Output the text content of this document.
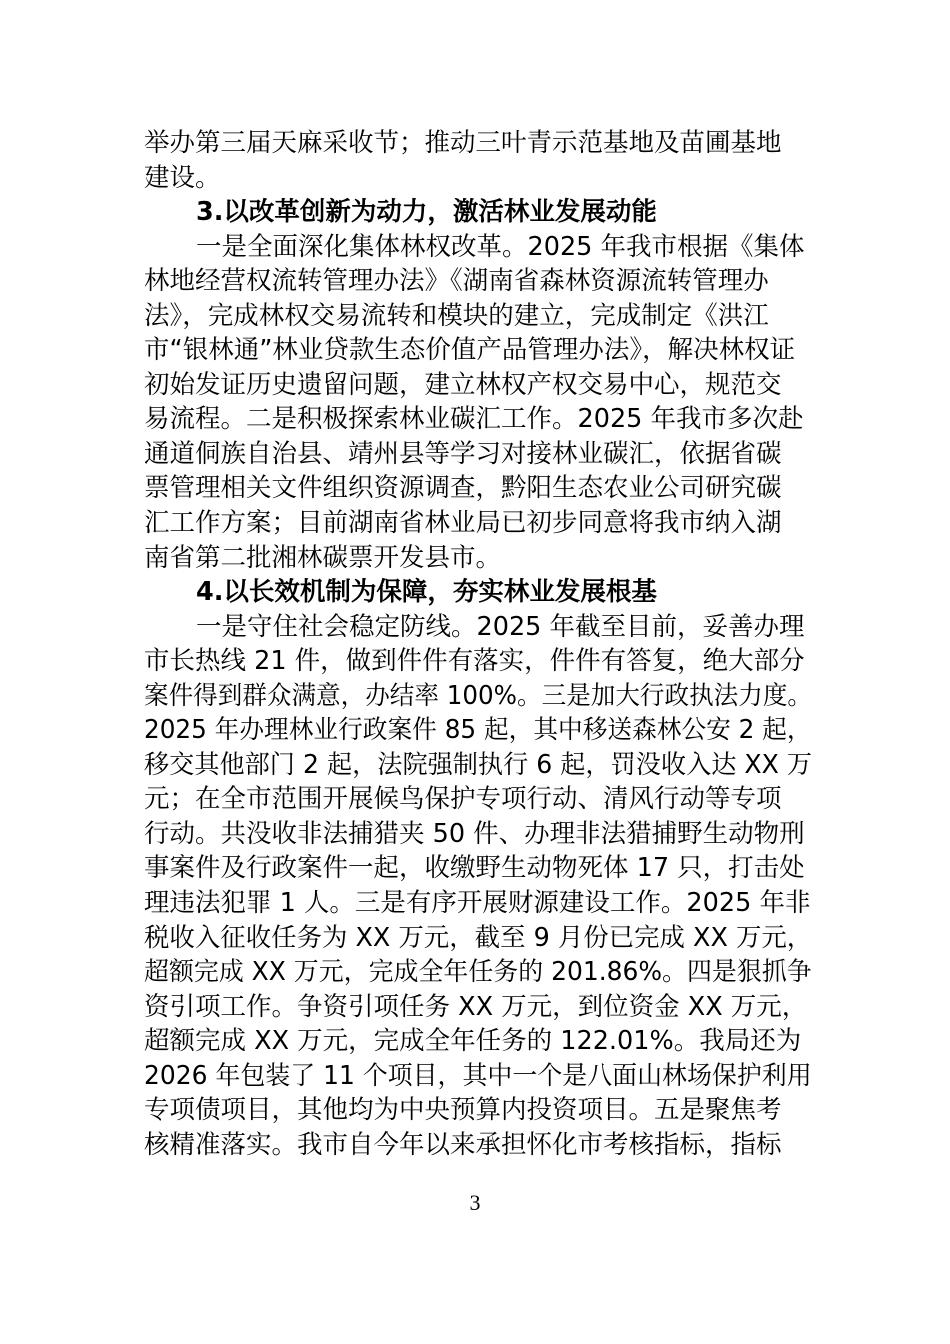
举办第三届天麻采收节；推动三叶青示范基地及苗圃基地
建设。
3.以改革创新为动力，激活林业发展动能
一是全面深化集体林权改革。2025 年我市根据《集体
林地经营权流转管理办法》《湖南省森林资源流转管理办
法》，完成林权交易流转和模块的建立，完成制定《洪江
市“银林通”林业贷款生态价值产品管理办法》，解决林权证
初始发证历史遗留问题，建立林权产权交易中心，规范交
易流程。二是积极探索林业碳汇工作。2025 年我市多次赴
通道侗族自治县、靖州县等学习对接林业碳汇，依据省碳
票管理相关文件组织资源调查，黔阳生态农业公司研究碳
汇工作方案；目前湖南省林业局已初步同意将我市纳入湖
南省第二批湘林碳票开发县市。
4.以长效机制为保障，夯实林业发展根基
一是守住社会稳定防线。2025 年截至目前，妥善办理
市长热线 21 件，做到件件有落实，件件有答复，绝大部分
案件得到群众满意，办结率 100%。三是加大行政执法力度。
2025 年办理林业行政案件 85 起，其中移送森林公安 2 起，
移交其他部门 2 起，法院强制执行 6 起，罚没收入达 XX 万
元；在全市范围开展候鸟保护专项行动、清风行动等专项
行动。共没收非法捕猎夹 50 件、办理非法猎捕野生动物刑
事案件及行政案件一起，收缴野生动物死体 17 只，打击处
理违法犯罪 1 人。三是有序开展财源建设工作。2025 年非
税收入征收任务为 XX 万元，截至 9 月份已完成 XX 万元，
超额完成 XX 万元，完成全年任务的 201.86%。四是狠抓争
资引项工作。争资引项任务 XX 万元，到位资金 XX 万元，
超额完成 XX 万元，完成全年任务的 122.01%。我局还为
2026 年包装了 11 个项目，其中一个是八面山林场保护利用
专项债项目，其他均为中央预算内投资项目。五是聚焦考
核精准落实。我市自今年以来承担怀化市考核指标，指标
3
